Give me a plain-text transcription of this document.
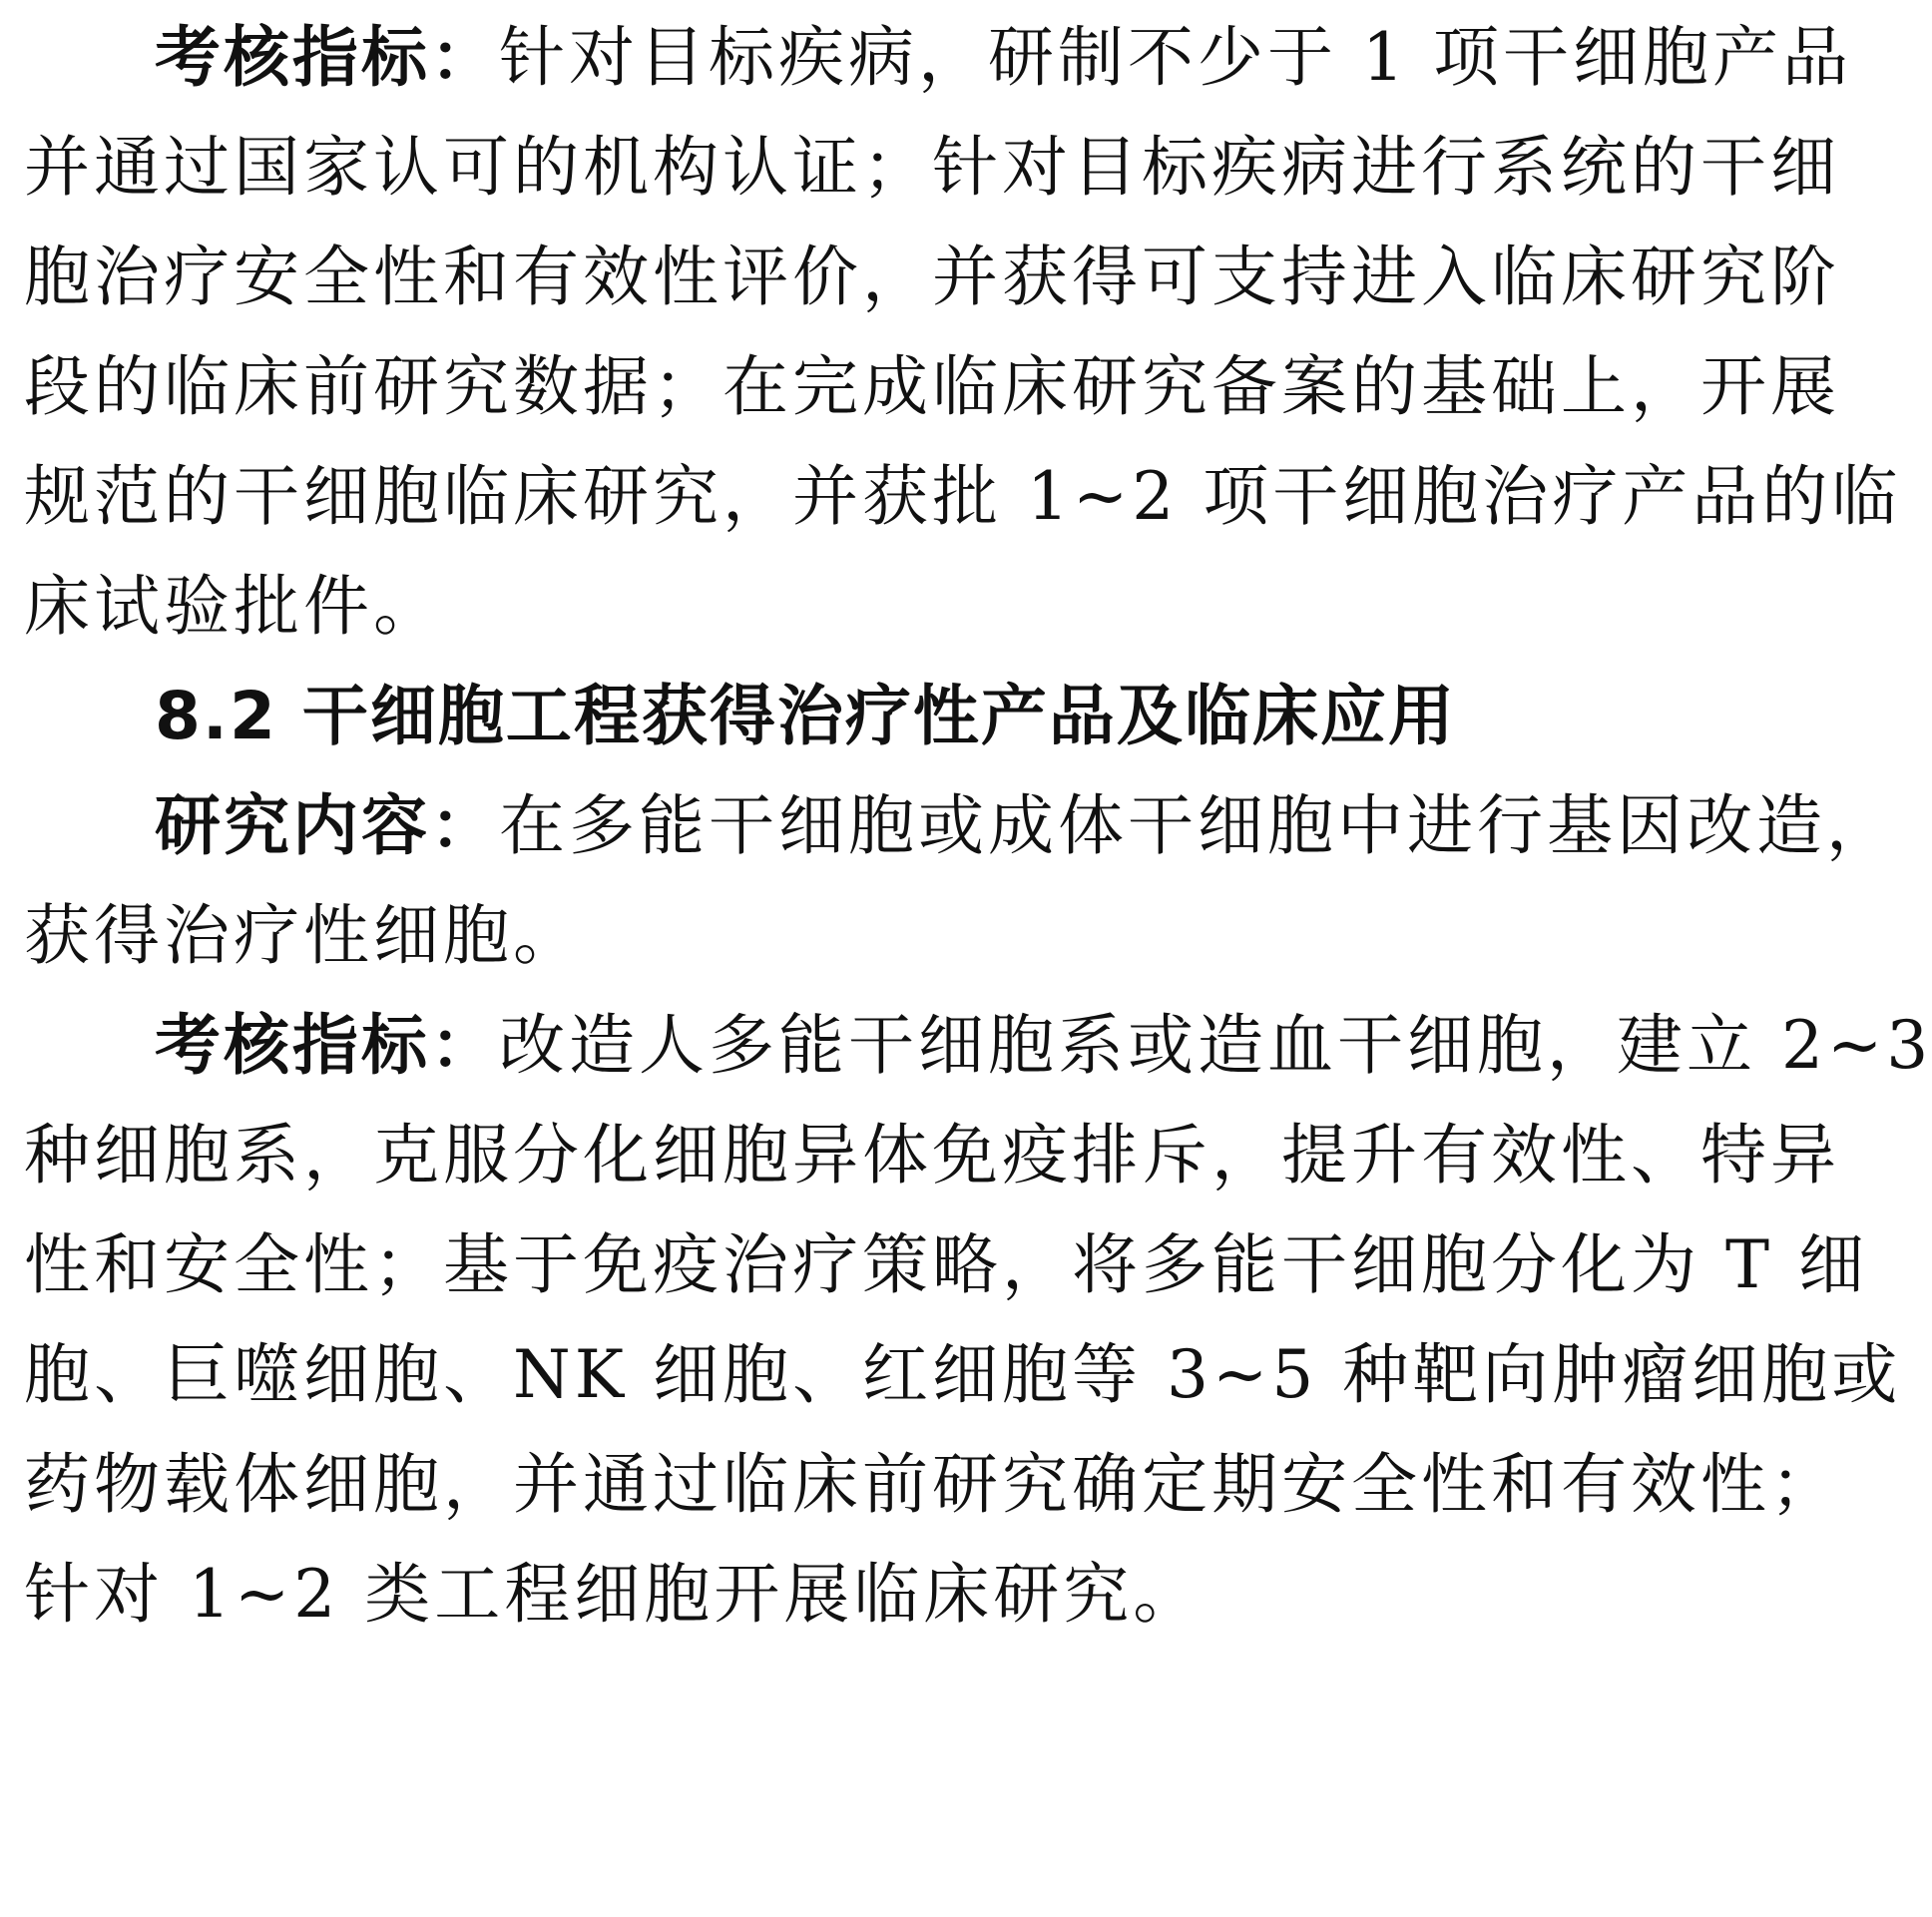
考核指标：针对目标疾病，研制不少于 1 项干细胞产品
并通过国家认可的机构认证；针对目标疾病进行系统的干细
胞治疗安全性和有效性评价，并获得可支持进入临床研究阶
段的临床前研究数据；在完成临床研究备案的基础上，开展
规范的干细胞临床研究，并获批 1~2 项干细胞治疗产品的临
床试验批件。
8.2 干细胞工程获得治疗性产品及临床应用
研究内容：在多能干细胞或成体干细胞中进行基因改造，
获得治疗性细胞。
考核指标：改造人多能干细胞系或造血干细胞，建立 2~3
种细胞系，克服分化细胞异体免疫排斥，提升有效性、特异
性和安全性；基于免疫治疗策略，将多能干细胞分化为 T 细
胞、巨噬细胞、NK 细胞、红细胞等 3~5 种靶向肿瘤细胞或
药物载体细胞，并通过临床前研究确定期安全性和有效性；
针对 1~2 类工程细胞开展临床研究。
